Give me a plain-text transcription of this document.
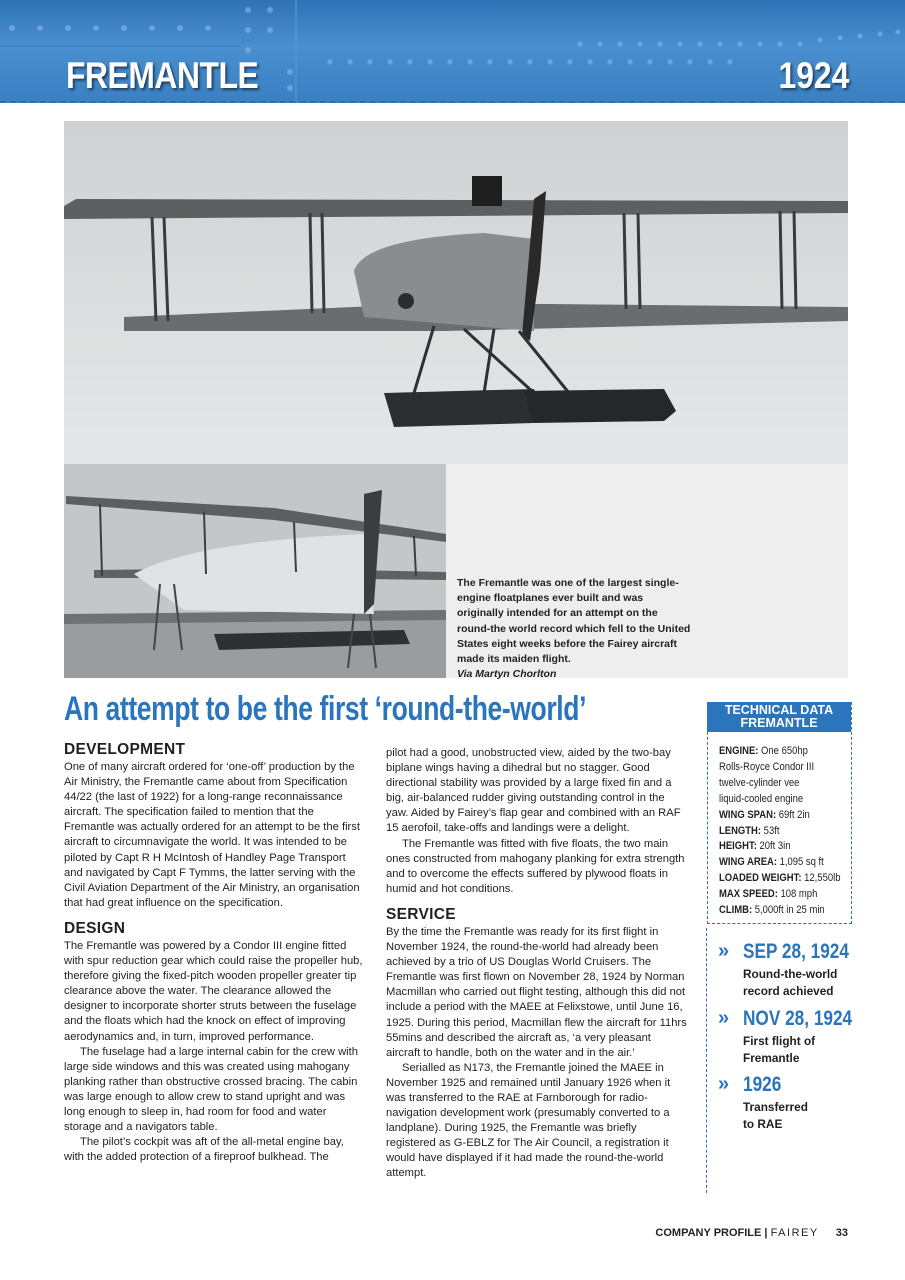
FREMANTLE	1924
The Fremantle was one of the largest single-engine floatplanes ever built and was originally intended for an attempt on the round-the world record which fell to the United States eight weeks before the Fairey aircraft made its maiden flight.
Via Martyn Chorlton
An attempt to be the first ‘round-the-world’
DEVELOPMENT

One of many aircraft ordered for ‘one-off’ production by the Air Ministry, the Fremantle came about from Specification 44/22 (the last of 1922) for a long-range reconnaissance aircraft. The specification failed to mention that the Fremantle was actually ordered for an attempt to be the first aircraft to circumnavigate the world. It was intended to be piloted by Capt R H McIntosh of Handley Page Transport and navigated by Capt F Tymms, the latter serving with the Civil Aviation Department of the Air Ministry, an organisation that had great influence on the specification.

DESIGN

The Fremantle was powered by a Condor III engine fitted with spur reduction gear which could raise the propeller hub, therefore giving the fixed-pitch wooden propeller greater tip clearance above the water. The clearance allowed the designer to incorporate shorter struts between the fuselage and the floats which had the knock on effect of improving aerodynamics and, in turn, improved performance.

The fuselage had a large internal cabin for the crew with large side windows and this was created using mahogany planking rather than obstructive crossed bracing. The cabin was large enough to allow crew to stand upright and was long enough to sleep in, had room for food and water storage and a navigators table.

The pilot’s cockpit was aft of the all-metal engine bay, with the added protection of a fireproof bulkhead. The

pilot had a good, unobstructed view, aided by the two-bay biplane wings having a dihedral but no stagger. Good directional stability was provided by a large fixed fin and a big, air-balanced rudder giving outstanding control in the yaw. Aided by Fairey’s flap gear and combined with an RAF 15 aerofoil, take-offs and landings were a delight.

The Fremantle was fitted with five floats, the two main ones constructed from mahogany planking for extra strength and to overcome the effects suffered by plywood floats in humid and hot conditions.

SERVICE

By the time the Fremantle was ready for its first flight in November 1924, the round-the-world had already been achieved by a trio of US Douglas World Cruisers. The Fremantle was first flown on November 28, 1924 by Norman Macmillan who carried out flight testing, although this did not include a period with the MAEE at Felixstowe, until June 16, 1925. During this period, Macmillan flew the aircraft for 11hrs 55mins and described the aircraft as, ‘a very pleasant aircraft to handle, both on the water and in the air.’

Serialled as N173, the Fremantle joined the MAEE in November 1925 and remained until January 1926 when it was transferred to the RAE at Farnborough for radio-navigation development work (presumably converted to a landplane). During 1925, the Fremantle was briefly registered as G-EBLZ for The Air Council, a registration it would have displayed if it had made the round-the-world attempt.

TECHNICAL DATA
FREMANTLE
ENGINE: One 650hp
Rolls-Royce Condor III
twelve-cylinder vee
liquid-cooled engine
WING SPAN: 69ft 2in
LENGTH: 53ft
HEIGHT: 20ft 3in
WING AREA: 1,095 sq ft
LOADED WEIGHT: 12,550lb
MAX SPEED: 108 mph
CLIMB: 5,000ft in 25 min
» SEP 28, 1924
Round-the-world
record achieved
» NOV 28, 1924
First flight of
Fremantle
» 1926
Transferred
to RAE
COMPANY PROFILE | FAIREY 33
